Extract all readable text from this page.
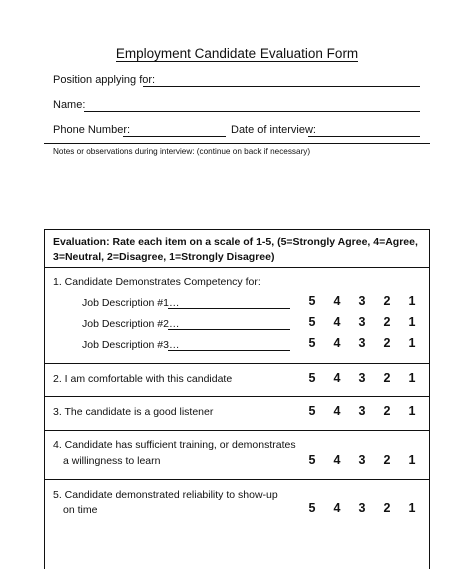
Employment Candidate Evaluation Form
Position applying for:
Name:
Phone Number:	Date of interview:
Notes or observations during interview: (continue on back if necessary)
Evaluation: Rate each item on a scale of 1-5, (5=Strongly Agree, 4=Agree,
3=Neutral, 2=Disagree, 1=Strongly Disagree)
1. Candidate Demonstrates Competency for:
Job Description #1…	5	4	3	2	1
Job Description #2…	5	4	3	2	1
Job Description #3…	5	4	3	2	1
2. I am comfortable with this candidate	5	4	3	2	1
3. The candidate is a good listener	5	4	3	2	1
4. Candidate has sufficient training, or demonstrates
a willingness to learn	5	4	3	2	1
5. Candidate demonstrated reliability to show-up
on time	5	4	3	2	1
